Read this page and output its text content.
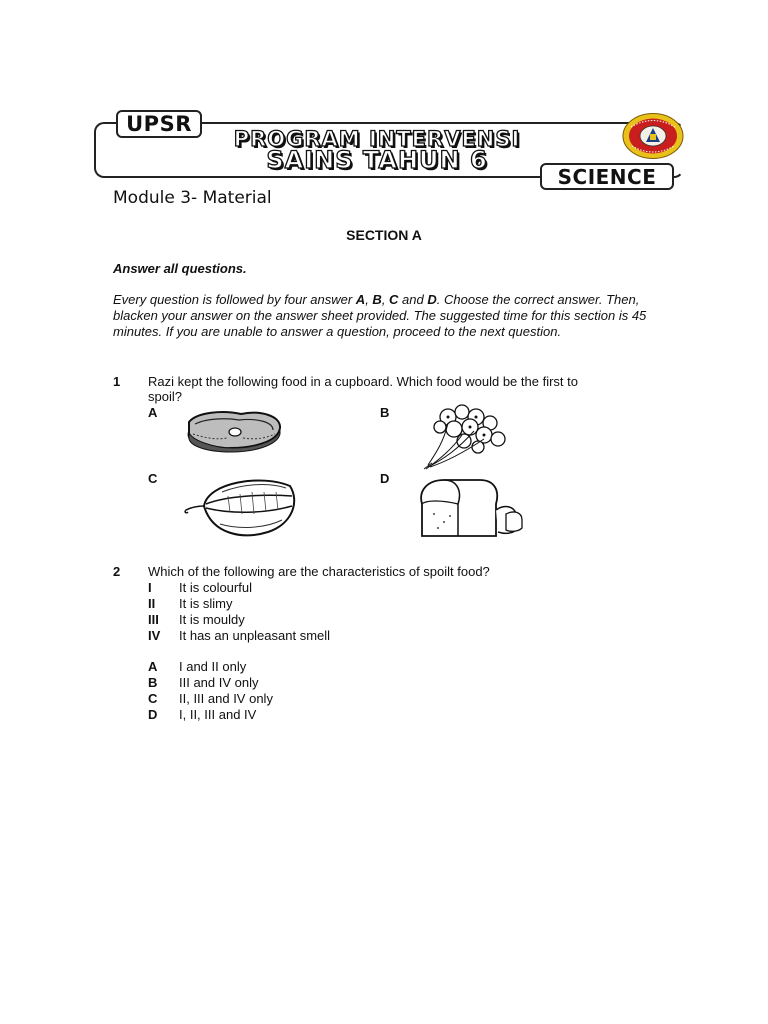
UPSR
PROGRAM INTERVENSI
SAINS TAHUN 6
SCIENCE
Module 3- Material
SECTION A
Answer all questions.
Every question is followed by four answer A, B, C and D. Choose the correct answer. Then, blacken your answer on the answer sheet provided. The suggested time for this section is 45 minutes. If you are unable to answer a question, proceed to the next question.
1 Razi kept the following food in a cupboard. Which food would be the first to
spoil?
A	B
C	D
2 Which of the following are the characteristics of spoilt food?
I It is colourful
II It is slimy
III It is mouldy
IV It has an unpleasant smell
A I and II only
B III and IV only
C II, III and IV only
D I, II, III and IV
